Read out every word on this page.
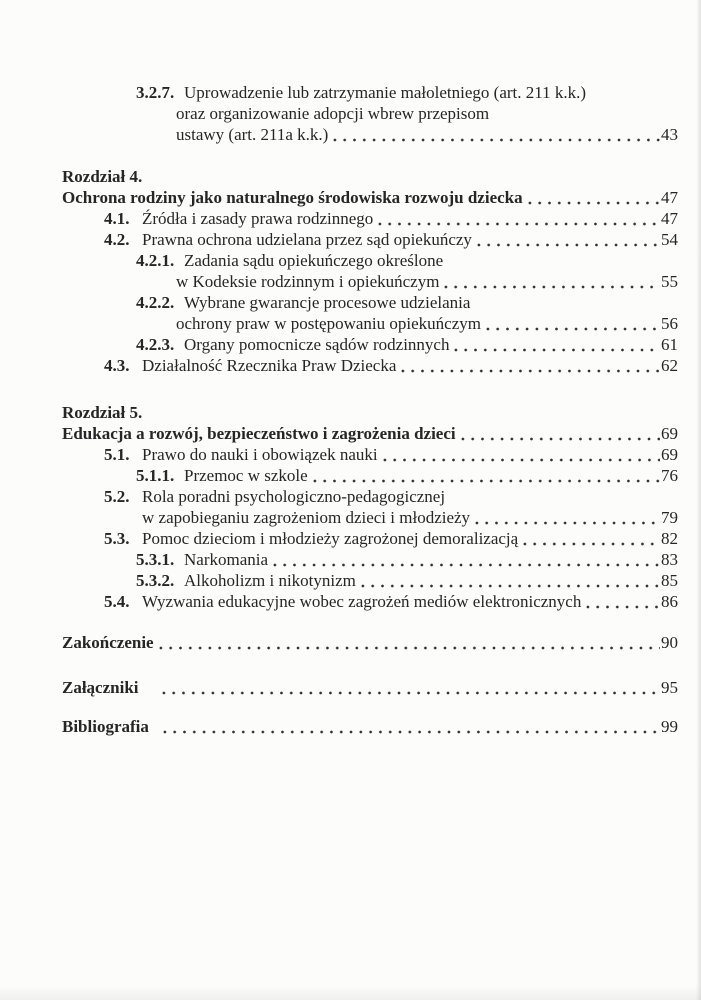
3.2.7. Uprowadzenie lub zatrzymanie małoletniego (art. 211 k.k.)
oraz organizowanie adopcji wbrew przepisom
ustawy (art. 211a k.k.)	43
Rozdział 4.
Ochrona rodziny jako naturalnego środowiska rozwoju dziecka	47
4.1. Źródła i zasady prawa rodzinnego	47
4.2. Prawna ochrona udzielana przez sąd opiekuńczy	54
4.2.1. Zadania sądu opiekuńczego określone
w Kodeksie rodzinnym i opiekuńczym	55
4.2.2. Wybrane gwarancje procesowe udzielania
ochrony praw w postępowaniu opiekuńczym	56
4.2.3. Organy pomocnicze sądów rodzinnych	61
4.3. Działalność Rzecznika Praw Dziecka	62
Rozdział 5.
Edukacja a rozwój, bezpieczeństwo i zagrożenia dzieci	69
5.1. Prawo do nauki i obowiązek nauki	69
5.1.1. Przemoc w szkole	76
5.2. Rola poradni psychologiczno-pedagogicznej
w zapobieganiu zagrożeniom dzieci i młodzieży	79
5.3. Pomoc dzieciom i młodzieży zagrożonej demoralizacją	82
5.3.1. Narkomania	83
5.3.2. Alkoholizm i nikotynizm	85
5.4. Wyzwania edukacyjne wobec zagrożeń mediów elektronicznych	86
Zakończenie	90
Załączniki	95
Bibliografia	99
